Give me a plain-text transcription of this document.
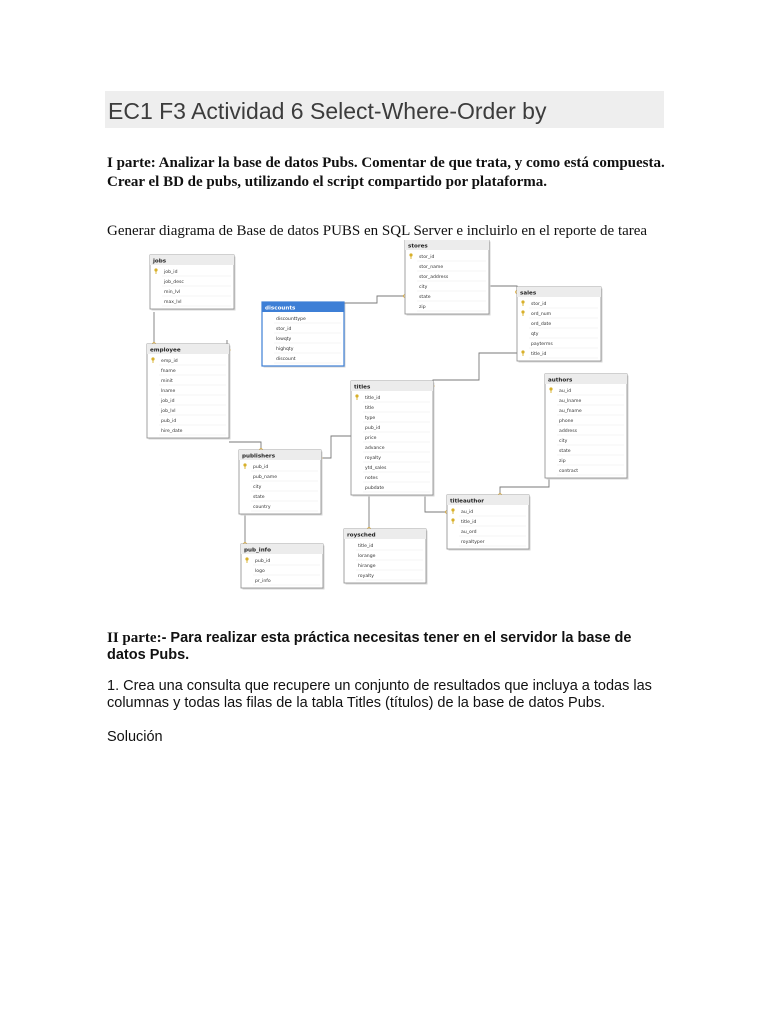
EC1 F3 Actividad 6 Select-Where-Order by
I parte: Analizar la base de datos Pubs. Comentar de que trata, y como está compuesta. Crear el BD de pubs, utilizando el script compartido por plataforma.
Generar diagrama de Base de datos PUBS en SQL Server e incluirlo en el reporte de tarea
jobs
job_id
job_desc
min_lvl
max_lvl
employee
emp_id
fname
minit
lname
job_id
job_lvl
pub_id
hire_date
discounts
discounttype
stor_id
lowqty
highqty
discount
stores
stor_id
stor_name
stor_address
city
state
zip
sales
stor_id
ord_num
ord_date
qty
payterms
title_id
titles
title_id
title
type
pub_id
price
advance
royalty
ytd_sales
notes
pubdate
authors
au_id
au_lname
au_fname
phone
address
city
state
zip
contract
publishers
pub_id
pub_name
city
state
country
titleauthor
au_id
title_id
au_ord
royaltyper
roysched
title_id
lorange
hirange
royalty
pub_info
pub_id
logo
pr_info
II parte:- Para realizar esta práctica necesitas tener en el servidor la base de datos Pubs.
1. Crea una consulta que recupere un conjunto de resultados que incluya a todas las columnas y todas las filas de la tabla Titles (títulos) de la base de datos Pubs.
Solución
